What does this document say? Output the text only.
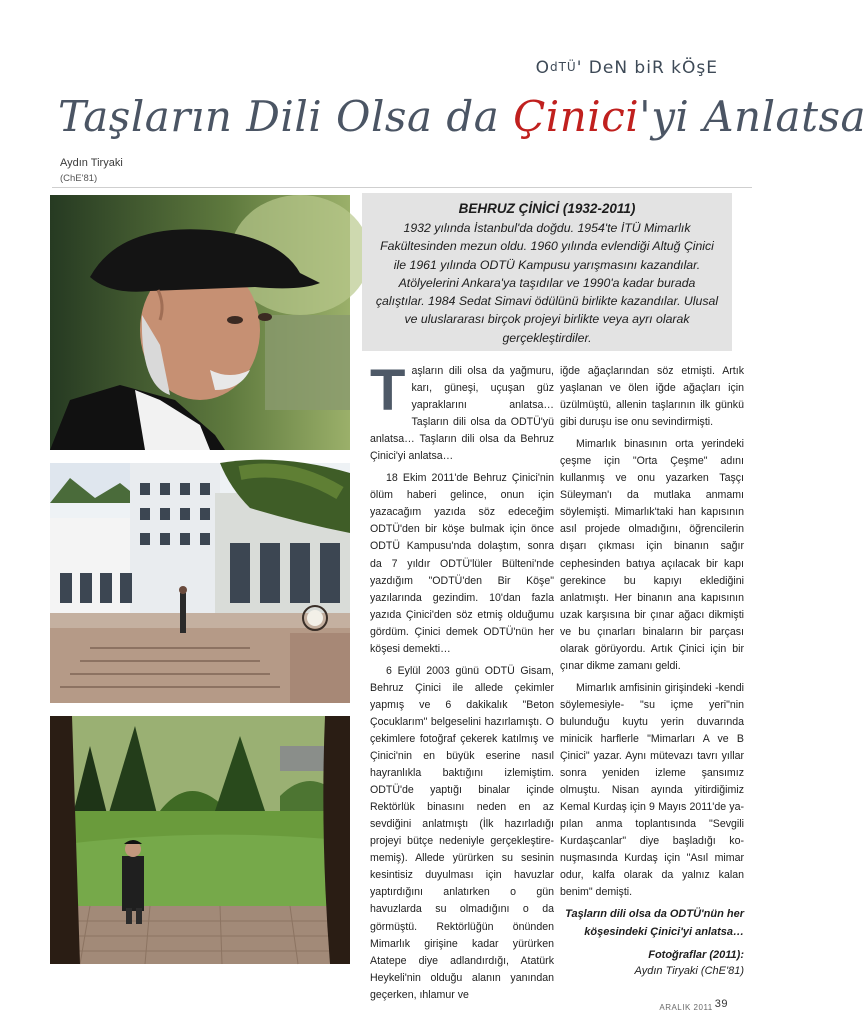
OdTÜ' DeN biR kÖşE
Taşların Dili Olsa da Çinici'yi Anlatsa
Aydın Tiryaki
(ChE'81)
BEHRUZ ÇİNİCİ (1932-2011)

1932 yılında İstanbul'da doğdu. 1954'te İTÜ Mimarlık Fakültesinden mezun oldu. 1960 yılında evlendiği Altuğ Çinici ile 1961 yılında ODTÜ Kampusu yarışmasını kazandılar. Atölyelerini Ankara'ya taşıdılar ve 1990'a kadar burada çalıştılar. 1984 Sedat Simavi ödülünü birlikte kazandılar. Ulusal ve uluslararası birçok projeyi birlikte veya ayrı olarak gerçekleştirdiler.

Taşların dili olsa da yağmuru, karı, güneşi, uçuşan güz yapraklarını anlatsa… Taşların dili olsa da ODTÜ'yü anlatsa… Taşların dili olsa da Behruz Çinici'yi anlatsa…

18 Ekim 2011'de Behruz Çinici'nin ölüm haberi gelince, onun için yazacağım yazıda söz edeceğim ODTÜ'den bir köşe bulmak için önce ODTÜ Kampusu'nda dolaştım, sonra da 7 yıldır ODTÜ'lüler Bülteni'nde yazdığım "ODTÜ'den Bir Köşe" yazılarında gezindim. 10'dan fazla yazıda Çinici'den söz etmiş olduğumu gördüm. Çinici demek ODTÜ'nün her köşesi demekti…

6 Eylül 2003 günü ODTÜ Gisam, Behruz Çinici ile allede çekimler yapmış ve 6 dakikalık "Beton Çocuklarım" belgeselini hazırlamıştı. O çekimlere fotoğraf çekerek katılmış ve Çinici'nin en büyük eserine nasıl hayranlıkla baktığını izlemiştim. ODTÜ'de yaptığı binalar içinde Rektörlük binasını neden en az sevdiğini anlatmıştı (İlk hazırladığı projeyi bütçe nedeniyle gerçekleştirememiş). Allede yürürken su sesinin kesintisiz duyulması için havuzlar yaptırdığını anlatırken o gün havuzlarda su olmadığını o da görmüştü. Rektörlüğün önünden Mimarlık girişine kadar yürürken Atatepe diye adlandırdığı, Atatürk Heykeli'nin olduğu alanın yanından geçerken, ıhlamur ve

iğde ağaçlarından söz etmişti. Artık yaşlanan ve ölen iğde ağaçları için üzülmüştü, allenin taşlarının ilk günkü gibi duruşu ise onu sevindirmişti.

Mimarlık binasının orta yerindeki çeşme için "Orta Çeşme" adını kullanmış ve onu yazarken Taşçı Süleyman'ı da mutlaka anmamı söylemişti. Mimarlık'taki han kapısının asıl projede olmadığını, öğrencilerin dışarı çıkması için binanın sağır cephesinden batıya açılacak bir kapı gerekince bu kapıyı eklediğini anlatmıştı. Her binanın ana kapısının uzak karşısına bir çınar ağacı dikmişti ve bu çınarları binaların bir parçası olarak görüyordu. Artık Çinici için bir çınar dikme zamanı geldi.

Mimarlık amfisinin girişindeki -kendi söylemesiyle- "su içme yeri"nin bulunduğu kuytu yerin duvarında minicik harflerle "Mimarları A ve B Çinici" yazar. Aynı mütevazı tavrı yıllar sonra yeniden izleme şansımız olmuştu. Nisan ayında yitirdiğimiz Kemal Kurdaş için 9 Mayıs 2011'de yapılan anma toplantısında "Sevgili Kurdaşcanlar" diye başladığı konuşmasında Kurdaş için "Asıl mimar odur, kalfa olarak da yalnız kalan benim" demişti.

Taşların dili olsa da ODTÜ'nün her köşesindeki Çinici'yi anlatsa…

Fotoğraflar (2011):
Aydın Tiryaki (ChE'81)
ARALIK 2011 39
